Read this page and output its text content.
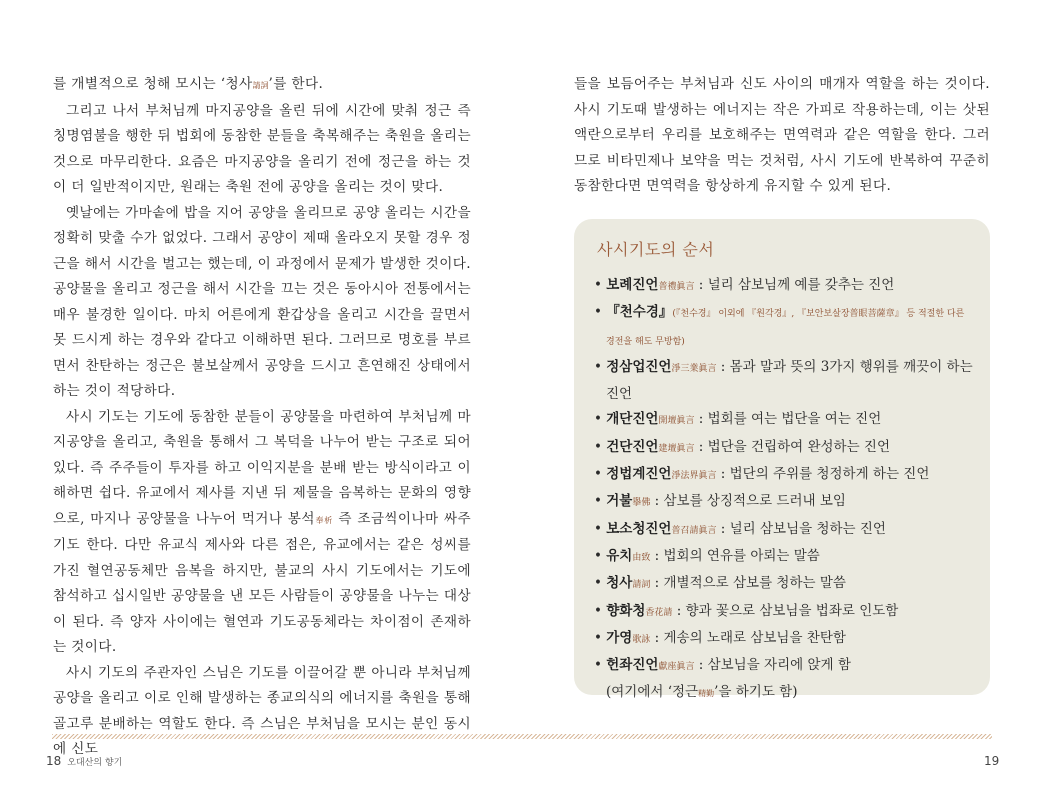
를 개별적으로 청해 모시는 ‘청사請詞’를 한다.

그리고 나서 부처님께 마지공양을 올린 뒤에 시간에 맞춰 정근 즉 칭명염불을 행한 뒤 법회에 동참한 분들을 축복해주는 축원을 올리는 것으로 마무리한다. 요즘은 마지공양을 올리기 전에 정근을 하는 것이 더 일반적이지만, 원래는 축원 전에 공양을 올리는 것이 맞다.

옛날에는 가마솥에 밥을 지어 공양을 올리므로 공양 올리는 시간을 정확히 맞출 수가 없었다. 그래서 공양이 제때 올라오지 못할 경우 정근을 해서 시간을 벌고는 했는데, 이 과정에서 문제가 발생한 것이다. 공양물을 올리고 정근을 해서 시간을 끄는 것은 동아시아 전통에서는 매우 불경한 일이다. 마치 어른에게 환갑상을 올리고 시간을 끌면서 못 드시게 하는 경우와 같다고 이해하면 된다. 그러므로 명호를 부르면서 찬탄하는 정근은 불보살께서 공양을 드시고 흔연해진 상태에서 하는 것이 적당하다.

사시 기도는 기도에 동참한 분들이 공양물을 마련하여 부처님께 마지공양을 올리고, 축원을 통해서 그 복덕을 나누어 받는 구조로 되어 있다. 즉 주주들이 투자를 하고 이익지분을 분배 받는 방식이라고 이해하면 쉽다. 유교에서 제사를 지낸 뒤 제물을 음복하는 문화의 영향으로, 마지나 공양물을 나누어 먹거나 봉석奉析 즉 조금씩이나마 싸주기도 한다. 다만 유교식 제사와 다른 점은, 유교에서는 같은 성씨를 가진 혈연공동체만 음복을 하지만, 불교의 사시 기도에서는 기도에 참석하고 십시일반 공양물을 낸 모든 사람들이 공양물을 나누는 대상이 된다. 즉 양자 사이에는 혈연과 기도공동체라는 차이점이 존재하는 것이다.

사시 기도의 주관자인 스님은 기도를 이끌어갈 뿐 아니라 부처님께 공양을 올리고 이로 인해 발생하는 종교의식의 에너지를 축원을 통해 골고루 분배하는 역할도 한다. 즉 스님은 부처님을 모시는 분인 동시에 신도

들을 보듬어주는 부처님과 신도 사이의 매개자 역할을 하는 것이다. 사시 기도때 발생하는 에너지는 작은 가피로 작용하는데, 이는 삿된 액란으로부터 우리를 보호해주는 면역력과 같은 역할을 한다. 그러므로 비타민제나 보약을 먹는 것처럼, 사시 기도에 반복하여 꾸준히 동참한다면 면역력을 항상하게 유지할 수 있게 된다.

사시기도의 순서
• 보례진언普禮眞言 : 널리 삼보님께 예를 갖추는 진언
• 『천수경』(『천수경』 이외에 『원각경』, 『보안보살장普眼菩薩章』 등 적절한 다른 경전을 해도 무방함)
• 정삼업진언淨三業眞言 : 몸과 말과 뜻의 3가지 행위를 깨끗이 하는 진언
• 개단진언開壇眞言 : 법회를 여는 법단을 여는 진언
• 건단진언建壇眞言 : 법단을 건립하여 완성하는 진언
• 정법계진언淨法界眞言 : 법단의 주위를 청정하게 하는 진언
• 거불擧佛 : 삼보를 상징적으로 드러내 보임
• 보소청진언普召請眞言 : 널리 삼보님을 청하는 진언
• 유치由致 : 법회의 연유를 아뢰는 말씀
• 청사請詞 : 개별적으로 삼보를 청하는 말씀
• 향화청香花請 : 향과 꽃으로 삼보님을 법좌로 인도함
• 가영歌詠 : 게송의 노래로 삼보님을 찬탄함
• 헌좌진언獻座眞言 : 삼보님을 자리에 앉게 함
(여기에서 ‘정근精勤’을 하기도 함)
18 오대산의 향기	19
